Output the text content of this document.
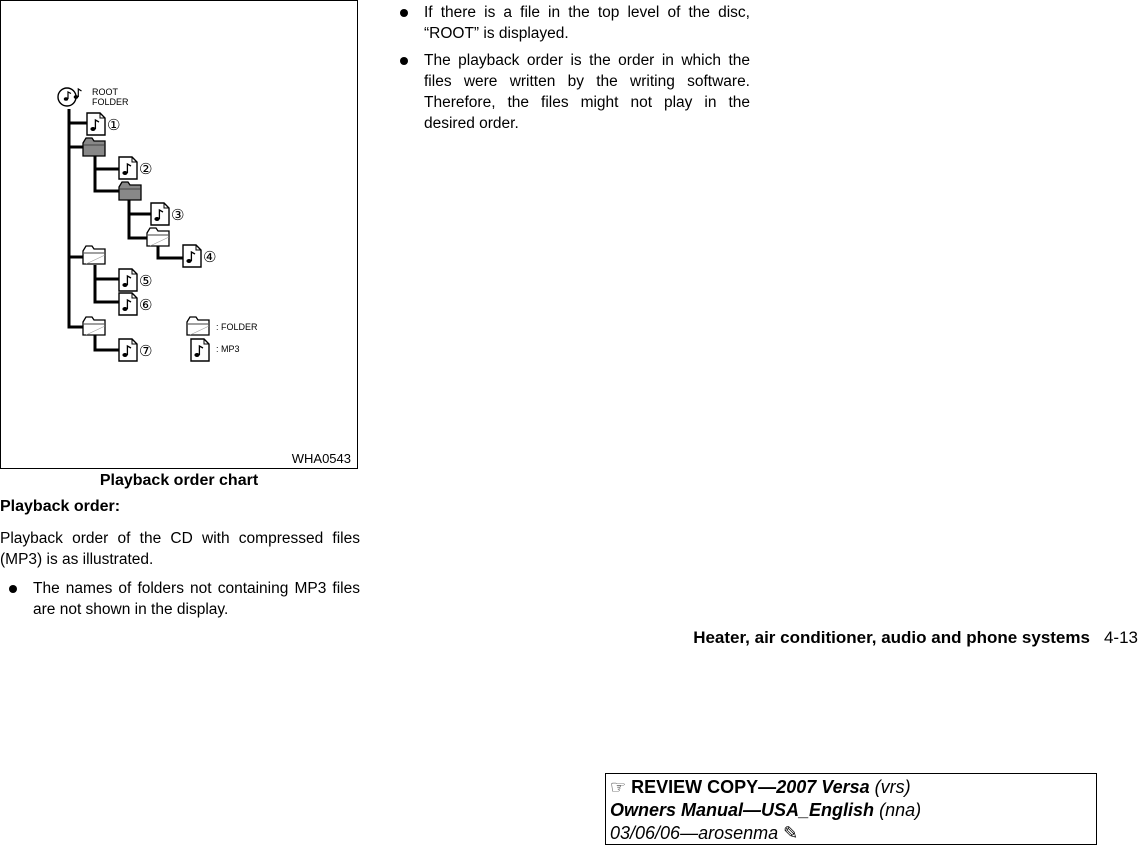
①
②
③
④
⑤
⑥
⑦
ROOT
FOLDER
: FOLDER
: MP3
WHA0543
Playback order chart
Playback order:
Playback order of the CD with compressed files (MP3) is as illustrated.
The names of folders not containing MP3 files are not shown in the display.
If there is a file in the top level of the disc, “ROOT” is displayed.
The playback order is the order in which the files were written by the writing software. Therefore, the files might not play in the desired order.
Heater, air conditioner, audio and phone systems 4-13
☞ REVIEW COPY—2007 Versa (vrs)
Owners Manual—USA_English (nna)
03/06/06—arosenma ✎
